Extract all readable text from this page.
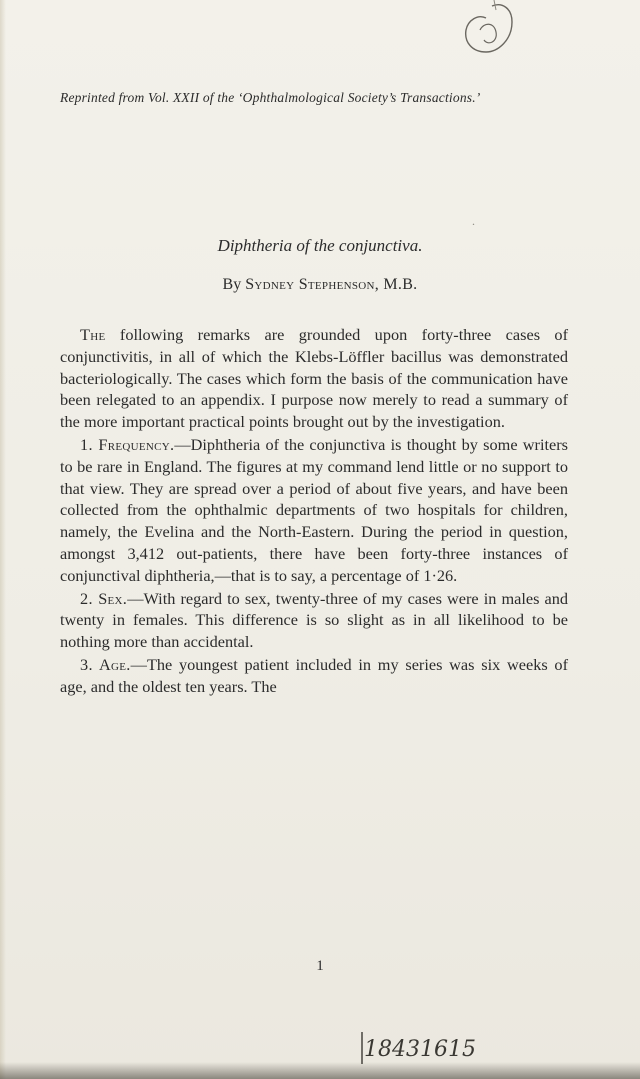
Reprinted from Vol. XXII of the ‘Ophthalmological Society’s Transactions.’
.
Diphtheria of the conjunctiva.
By Sydney Stephenson, M.B.

The following remarks are grounded upon forty-three cases of conjunctivitis, in all of which the Klebs-Löffler bacillus was demonstrated bacteriologically. The cases which form the basis of the communication have been relegated to an appendix. I purpose now merely to read a summary of the more important practical points brought out by the investigation.

1. Frequency.—Diphtheria of the conjunctiva is thought by some writers to be rare in England. The figures at my command lend little or no support to that view. They are spread over a period of about five years, and have been collected from the ophthalmic departments of two hospitals for children, namely, the Evelina and the North-Eastern. During the period in question, amongst 3,412 out-patients, there have been forty-three instances of conjunctival diphtheria,—that is to say, a percentage of 1·26.

2. Sex.—With regard to sex, twenty-three of my cases were in males and twenty in females. This difference is so slight as in all likelihood to be nothing more than accidental.

3. Age.—The youngest patient included in my series was six weeks of age, and the oldest ten years. The

1
18431615
